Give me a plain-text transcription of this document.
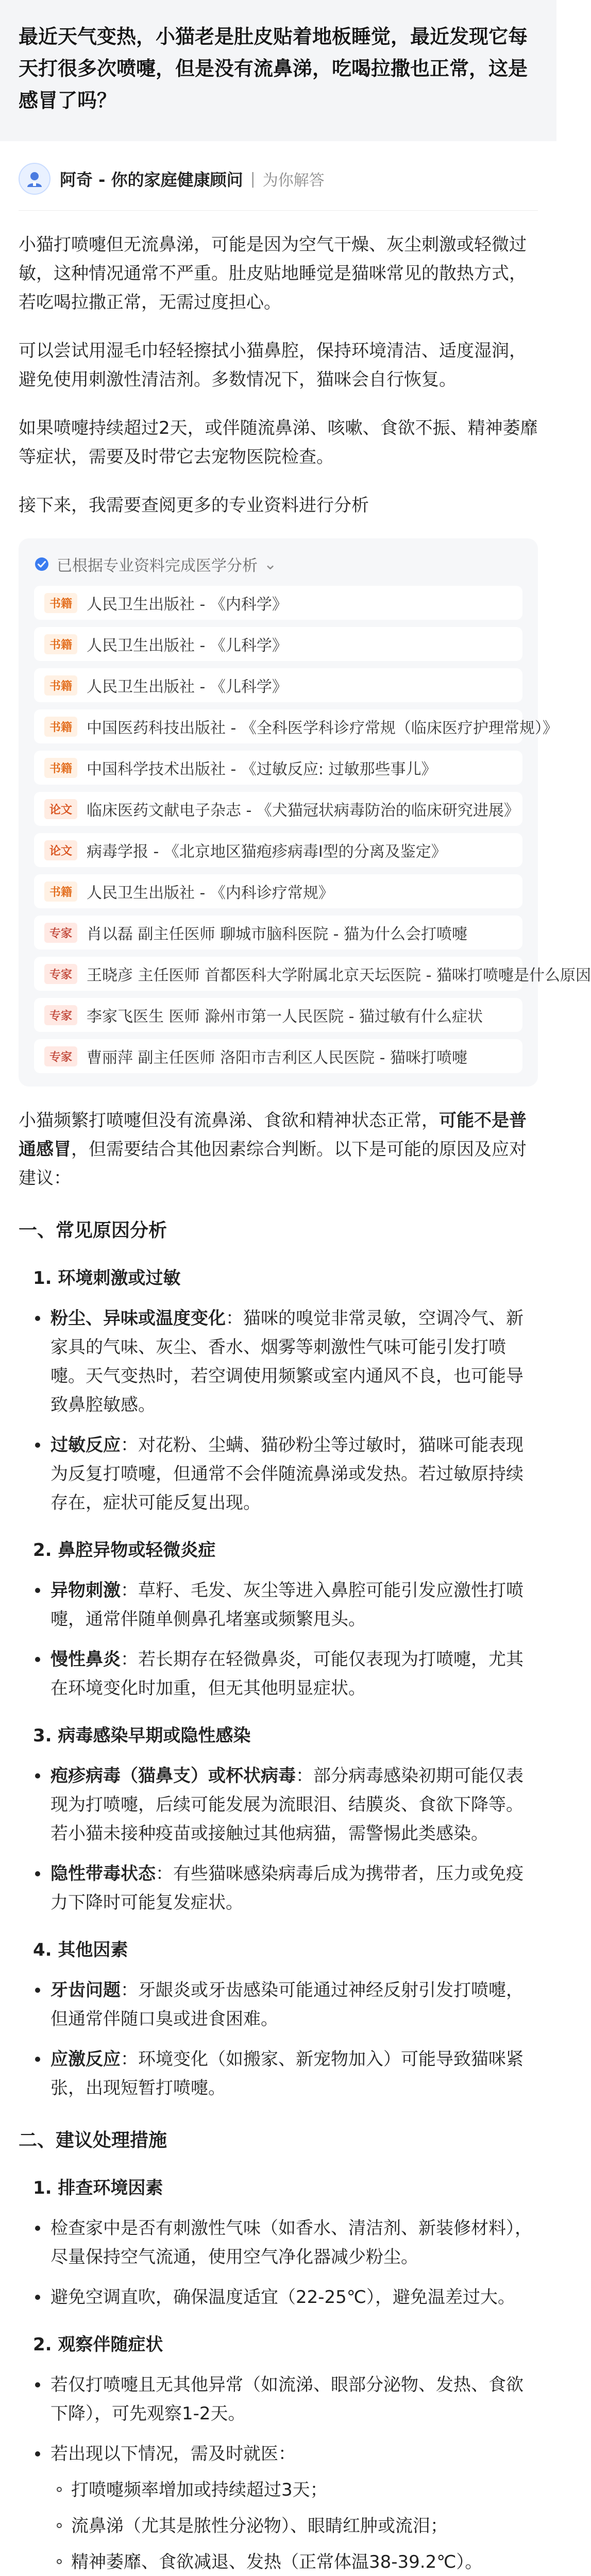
最近天气变热，小猫老是肚皮贴着地板睡觉，最近发现它每天打很多次喷嚏，但是没有流鼻涕，吃喝拉撒也正常，这是感冒了吗？
阿奇 - 你的家庭健康顾问 | 为你解答
小猫打喷嚏但无流鼻涕，可能是因为空气干燥、灰尘刺激或轻微过敏，这种情况通常不严重。肚皮贴地睡觉是猫咪常见的散热方式，若吃喝拉撒正常，无需过度担心。
可以尝试用湿毛巾轻轻擦拭小猫鼻腔，保持环境清洁、适度湿润，避免使用刺激性清洁剂。多数情况下，猫咪会自行恢复。
如果喷嚏持续超过2天，或伴随流鼻涕、咳嗽、食欲不振、精神萎靡等症状，需要及时带它去宠物医院检查。
接下来，我需要查阅更多的专业资料进行分析
已根据专业资料完成医学分析 ⌄
书籍 人民卫生出版社 - 《内科学》
书籍 人民卫生出版社 - 《儿科学》
书籍 人民卫生出版社 - 《儿科学》
书籍 中国医药科技出版社 - 《全科医学科诊疗常规（临床医疗护理常规）》
书籍 中国科学技术出版社 - 《过敏反应: 过敏那些事儿》
论文 临床医药文献电子杂志 - 《犬猫冠状病毒防治的临床研究进展》
论文 病毒学报 - 《北京地区猫疱疹病毒I型的分离及鉴定》
书籍 人民卫生出版社 - 《内科诊疗常规》
专家 肖以磊 副主任医师 聊城市脑科医院 - 猫为什么会打喷嚏
专家 王晓彦 主任医师 首都医科大学附属北京天坛医院 - 猫咪打喷嚏是什么原因
专家 李家飞医生 医师 滁州市第一人民医院 - 猫过敏有什么症状
专家 曹丽萍 副主任医师 洛阳市吉利区人民医院 - 猫咪打喷嚏
小猫频繁打喷嚏但没有流鼻涕、食欲和精神状态正常，可能不是普通感冒，但需要结合其他因素综合判断。以下是可能的原因及应对建议：
一、常见原因分析
1. 环境刺激或过敏
粉尘、异味或温度变化：猫咪的嗅觉非常灵敏，空调冷气、新家具的气味、灰尘、香水、烟雾等刺激性气味可能引发打喷嚏。天气变热时，若空调使用频繁或室内通风不良，也可能导致鼻腔敏感。
过敏反应：对花粉、尘螨、猫砂粉尘等过敏时，猫咪可能表现为反复打喷嚏，但通常不会伴随流鼻涕或发热。若过敏原持续存在，症状可能反复出现。
2. 鼻腔异物或轻微炎症
异物刺激：草籽、毛发、灰尘等进入鼻腔可能引发应激性打喷嚏，通常伴随单侧鼻孔堵塞或频繁甩头。
慢性鼻炎：若长期存在轻微鼻炎，可能仅表现为打喷嚏，尤其在环境变化时加重，但无其他明显症状。
3. 病毒感染早期或隐性感染
疱疹病毒（猫鼻支）或杯状病毒：部分病毒感染初期可能仅表现为打喷嚏，后续可能发展为流眼泪、结膜炎、食欲下降等。若小猫未接种疫苗或接触过其他病猫，需警惕此类感染。
隐性带毒状态：有些猫咪感染病毒后成为携带者，压力或免疫力下降时可能复发症状。
4. 其他因素
牙齿问题：牙龈炎或牙齿感染可能通过神经反射引发打喷嚏，但通常伴随口臭或进食困难。
应激反应：环境变化（如搬家、新宠物加入）可能导致猫咪紧张，出现短暂打喷嚏。
二、建议处理措施
1. 排查环境因素
检查家中是否有刺激性气味（如香水、清洁剂、新装修材料），尽量保持空气流通，使用空气净化器减少粉尘。
避免空调直吹，确保温度适宜（22-25℃），避免温差过大。
2. 观察伴随症状
若仅打喷嚏且无其他异常（如流涕、眼部分泌物、发热、食欲下降），可先观察1-2天。
若出现以下情况，需及时就医：
打喷嚏频率增加或持续超过3天；
流鼻涕（尤其是脓性分泌物）、眼睛红肿或流泪；
精神萎靡、食欲减退、发热（正常体温38-39.2℃）。
